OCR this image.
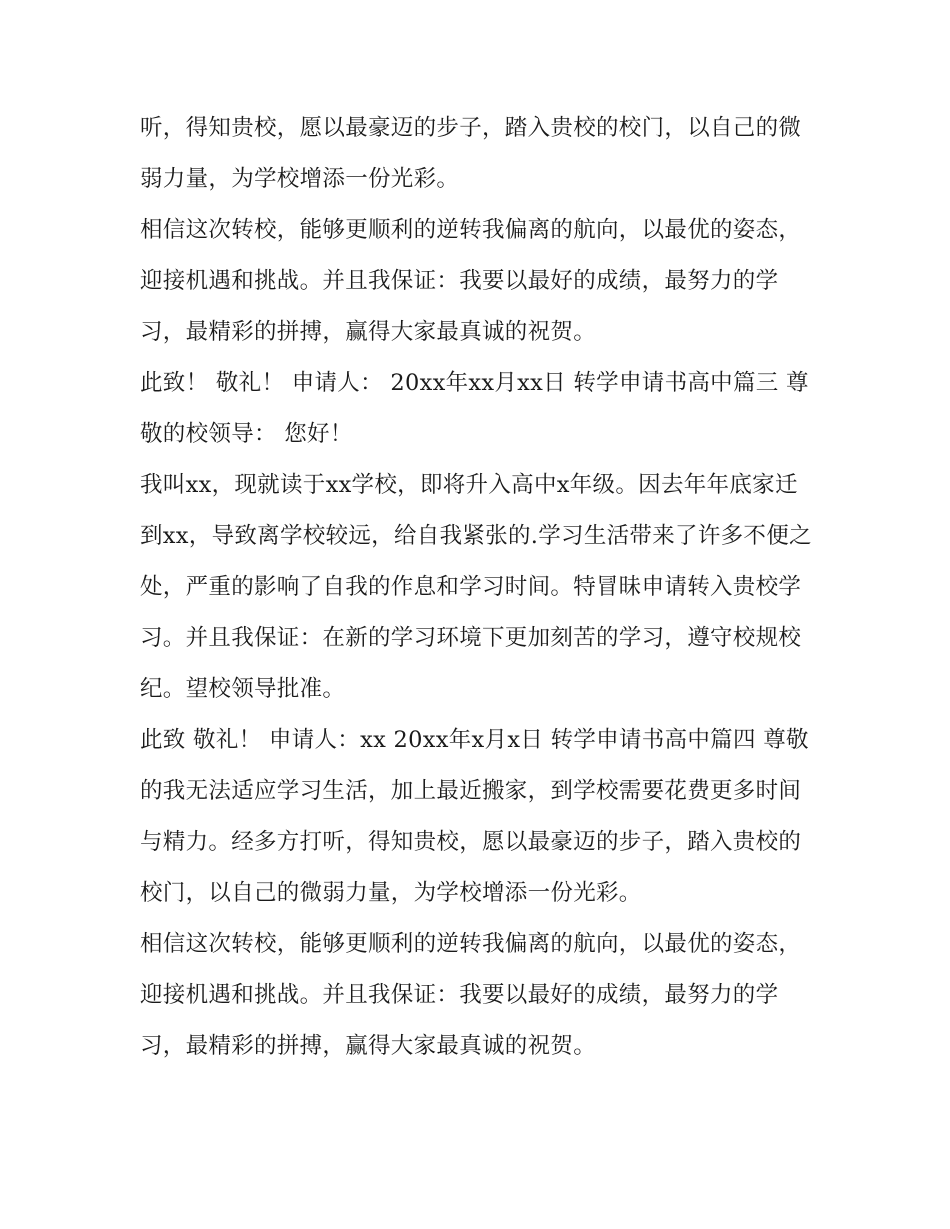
听，得知贵校，愿以最豪迈的步子，踏入贵校的校门，以自己的微弱力量，为学校增添一份光彩。

相信这次转校，能够更顺利的逆转我偏离的航向，以最优的姿态，迎接机遇和挑战。并且我保证：我要以最好的成绩，最努力的学习，最精彩的拼搏，赢得大家最真诚的祝贺。

此致！ 敬礼！ 申请人： 20xx年xx月xx日 转学申请书高中篇三 尊敬的校领导： 您好！

我叫xx，现就读于xx学校，即将升入高中x年级。因去年年底家迁到xx，导致离学校较远，给自我紧张的.学习生活带来了许多不便之处，严重的影响了自我的作息和学习时间。特冒昧申请转入贵校学习。并且我保证：在新的学习环境下更加刻苦的学习，遵守校规校纪。望校领导批准。

此致 敬礼！ 申请人：xx 20xx年x月x日 转学申请书高中篇四 尊敬的我无法适应学习生活，加上最近搬家，到学校需要花费更多时间与精力。经多方打听，得知贵校，愿以最豪迈的步子，踏入贵校的校门，以自己的微弱力量，为学校增添一份光彩。

相信这次转校，能够更顺利的逆转我偏离的航向，以最优的姿态，迎接机遇和挑战。并且我保证：我要以最好的成绩，最努力的学习，最精彩的拼搏，赢得大家最真诚的祝贺。
